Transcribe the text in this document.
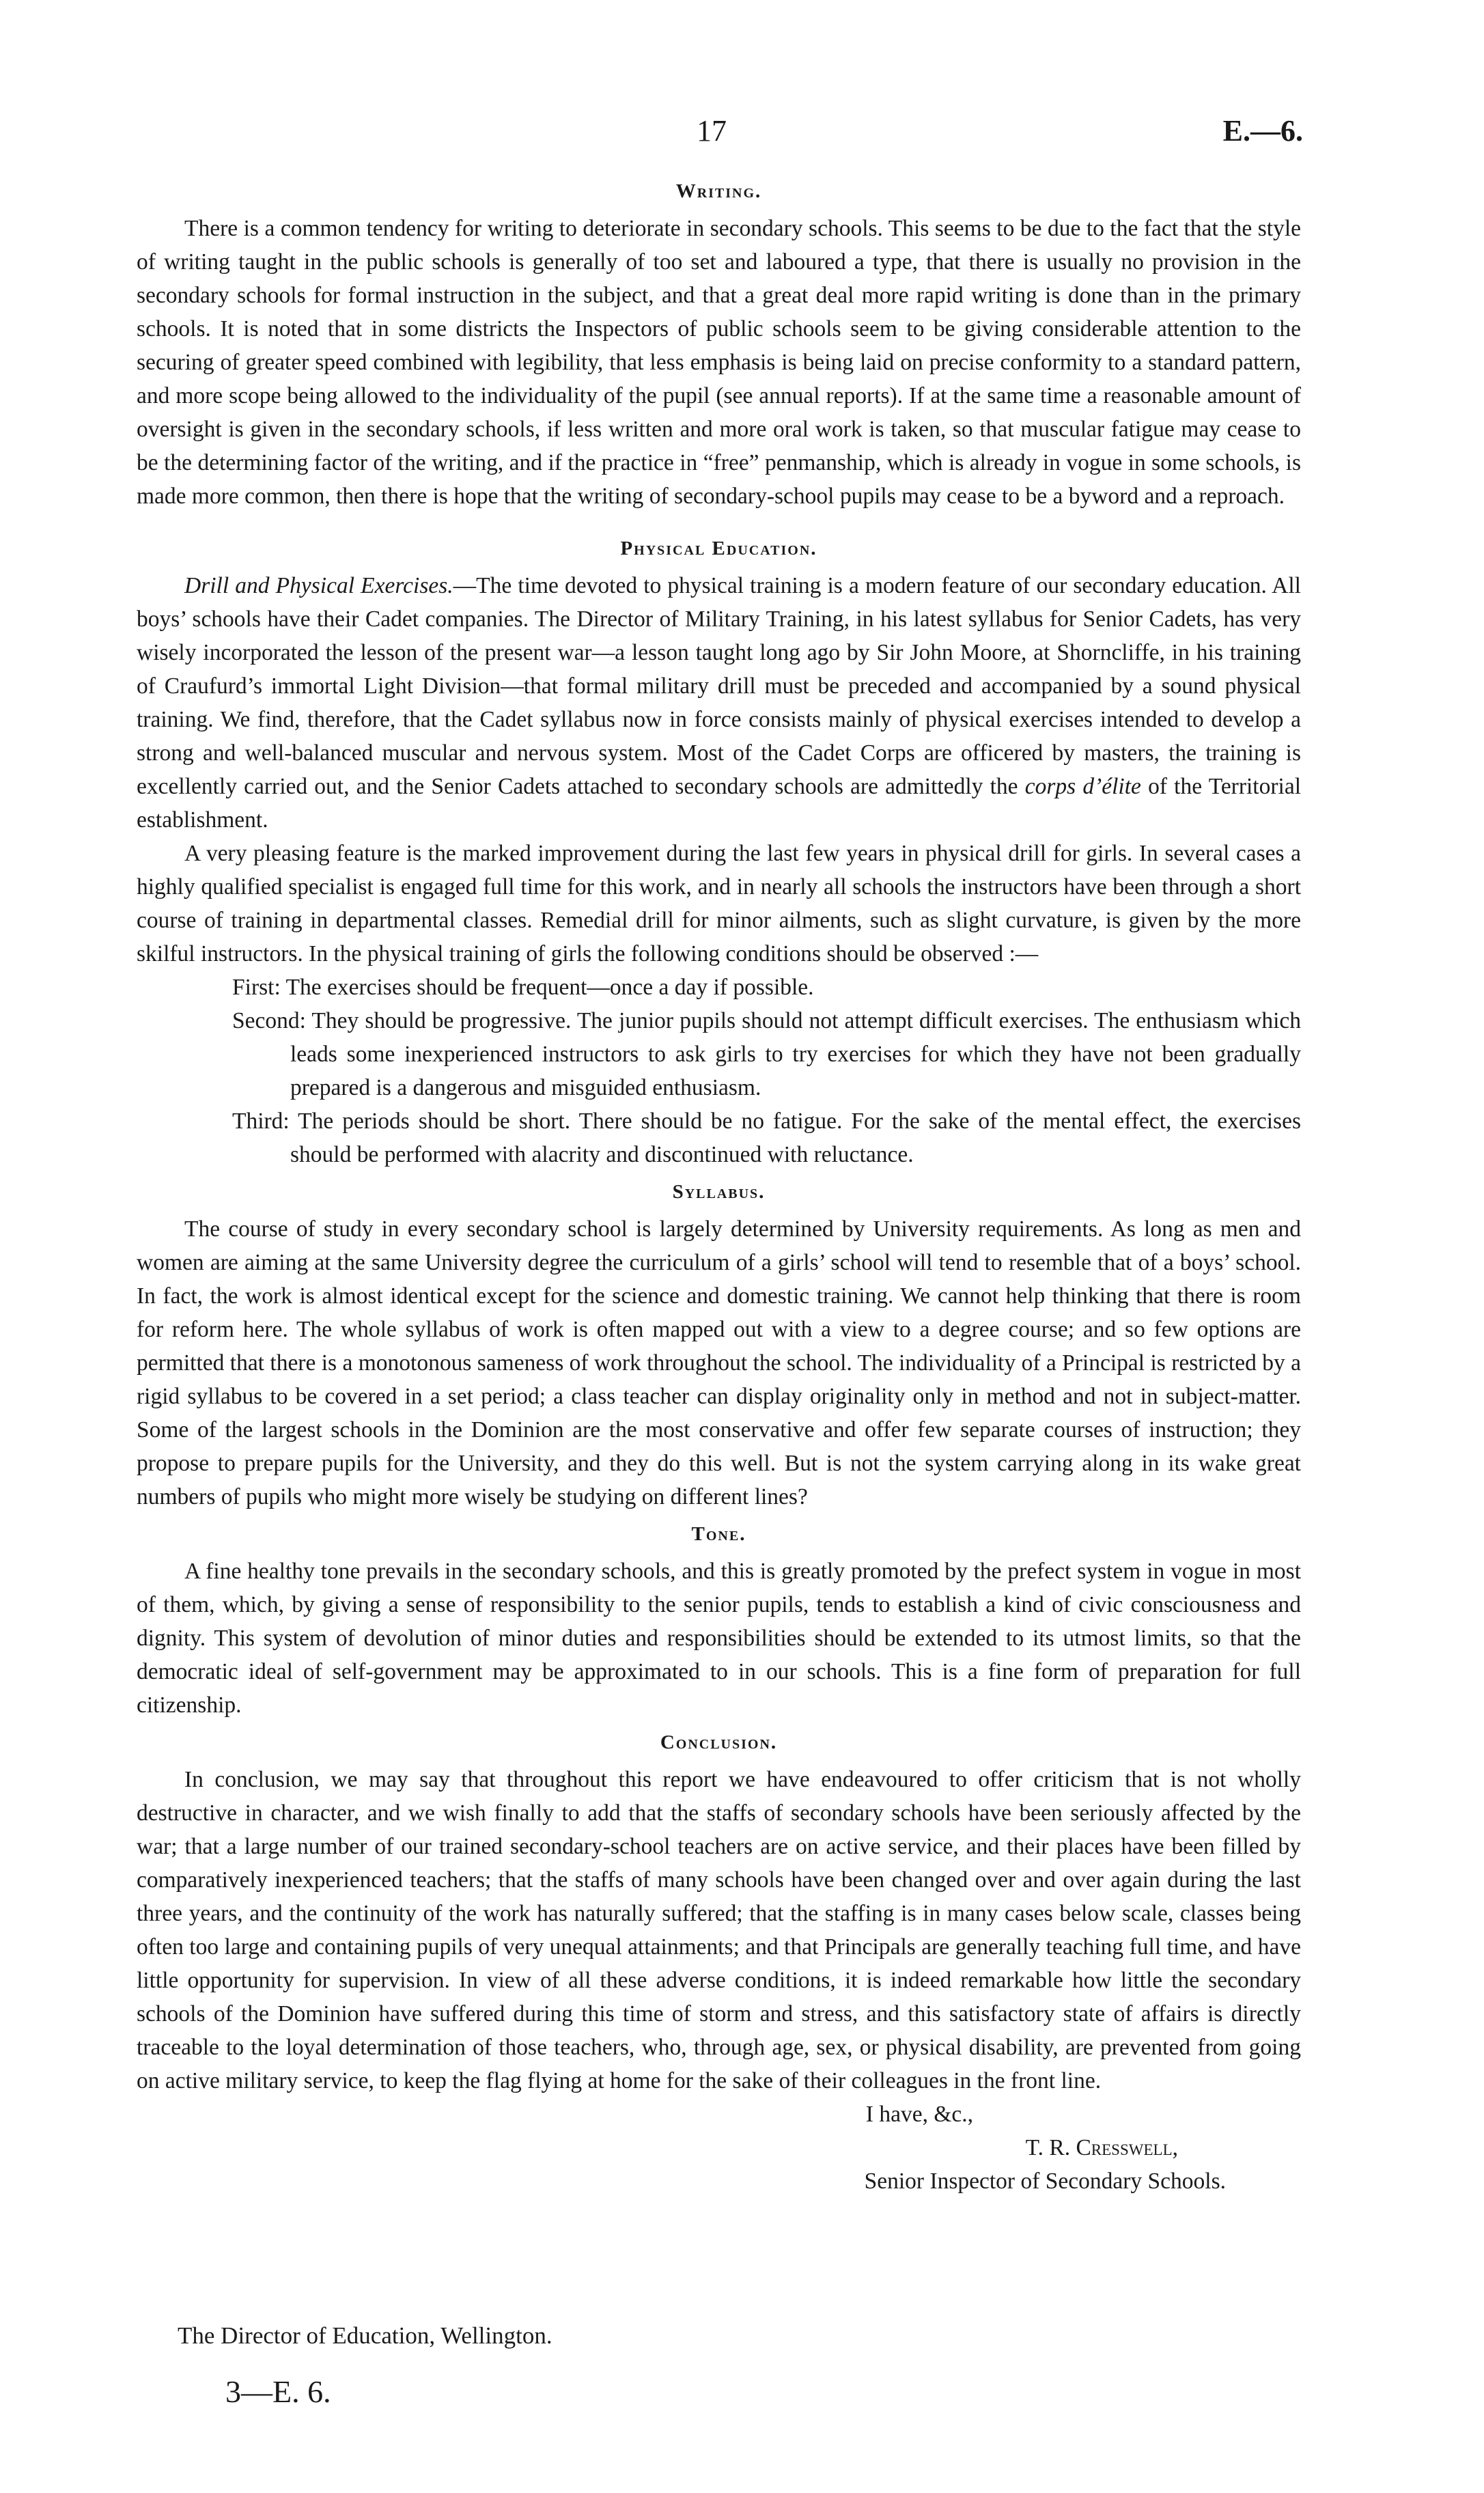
17	E.—6.
Writing.

There is a common tendency for writing to deteriorate in secondary schools. This seems to be due to the fact that the style of writing taught in the public schools is generally of too set and laboured a type, that there is usually no provision in the secondary schools for formal instruction in the subject, and that a great deal more rapid writing is done than in the primary schools. It is noted that in some districts the Inspectors of public schools seem to be giving considerable attention to the securing of greater speed combined with legibility, that less emphasis is being laid on precise conformity to a standard pattern, and more scope being allowed to the individuality of the pupil (see annual reports). If at the same time a reasonable amount of oversight is given in the secondary schools, if less written and more oral work is taken, so that muscular fatigue may cease to be the determining factor of the writing, and if the practice in “free” penmanship, which is already in vogue in some schools, is made more common, then there is hope that the writing of secondary-school pupils may cease to be a byword and a reproach.

Physical Education.

Drill and Physical Exercises.—The time devoted to physical training is a modern feature of our secondary education. All boys’ schools have their Cadet companies. The Director of Military Training, in his latest syllabus for Senior Cadets, has very wisely incorporated the lesson of the present war—a lesson taught long ago by Sir John Moore, at Shorncliffe, in his training of Craufurd’s immortal Light Division—that formal military drill must be preceded and accompanied by a sound physical training. We find, therefore, that the Cadet syllabus now in force consists mainly of physical exercises intended to develop a strong and well-balanced muscular and nervous system. Most of the Cadet Corps are officered by masters, the training is excellently carried out, and the Senior Cadets attached to secondary schools are admittedly the corps d’élite of the Territorial establishment.

A very pleasing feature is the marked improvement during the last few years in physical drill for girls. In several cases a highly qualified specialist is engaged full time for this work, and in nearly all schools the instructors have been through a short course of training in departmental classes. Remedial drill for minor ailments, such as slight curvature, is given by the more skilful instructors. In the physical training of girls the following conditions should be observed :—

First: The exercises should be frequent—once a day if possible.
Second: They should be progressive. The junior pupils should not attempt difficult exercises. The enthusiasm which leads some inexperienced instructors to ask girls to try exercises for which they have not been gradually prepared is a dangerous and misguided enthusiasm.
Third: The periods should be short. There should be no fatigue. For the sake of the mental effect, the exercises should be performed with alacrity and discontinued with reluctance.
Syllabus.

The course of study in every secondary school is largely determined by University requirements. As long as men and women are aiming at the same University degree the curriculum of a girls’ school will tend to resemble that of a boys’ school. In fact, the work is almost identical except for the science and domestic training. We cannot help thinking that there is room for reform here. The whole syllabus of work is often mapped out with a view to a degree course; and so few options are permitted that there is a monotonous sameness of work throughout the school. The individuality of a Principal is restricted by a rigid syllabus to be covered in a set period; a class teacher can display originality only in method and not in subject-matter. Some of the largest schools in the Dominion are the most conservative and offer few separate courses of instruction; they propose to prepare pupils for the University, and they do this well. But is not the system carrying along in its wake great numbers of pupils who might more wisely be studying on different lines?

Tone.

A fine healthy tone prevails in the secondary schools, and this is greatly promoted by the prefect system in vogue in most of them, which, by giving a sense of responsibility to the senior pupils, tends to establish a kind of civic consciousness and dignity. This system of devolution of minor duties and responsibilities should be extended to its utmost limits, so that the democratic ideal of self-government may be approximated to in our schools. This is a fine form of preparation for full citizenship.

Conclusion.

In conclusion, we may say that throughout this report we have endeavoured to offer criticism that is not wholly destructive in character, and we wish finally to add that the staffs of secondary schools have been seriously affected by the war; that a large number of our trained secondary-school teachers are on active service, and their places have been filled by comparatively inexperienced teachers; that the staffs of many schools have been changed over and over again during the last three years, and the continuity of the work has naturally suffered; that the staffing is in many cases below scale, classes being often too large and containing pupils of very unequal attainments; and that Principals are generally teaching full time, and have little opportunity for supervision. In view of all these adverse conditions, it is indeed remarkable how little the secondary schools of the Dominion have suffered during this time of storm and stress, and this satisfactory state of affairs is directly traceable to the loyal determination of those teachers, who, through age, sex, or physical disability, are prevented from going on active military service, to keep the flag flying at home for the sake of their colleagues in the front line.

I have, &c.,
T. R. Cresswell,
Senior Inspector of Secondary Schools.
The Director of Education, Wellington.
3—E. 6.
